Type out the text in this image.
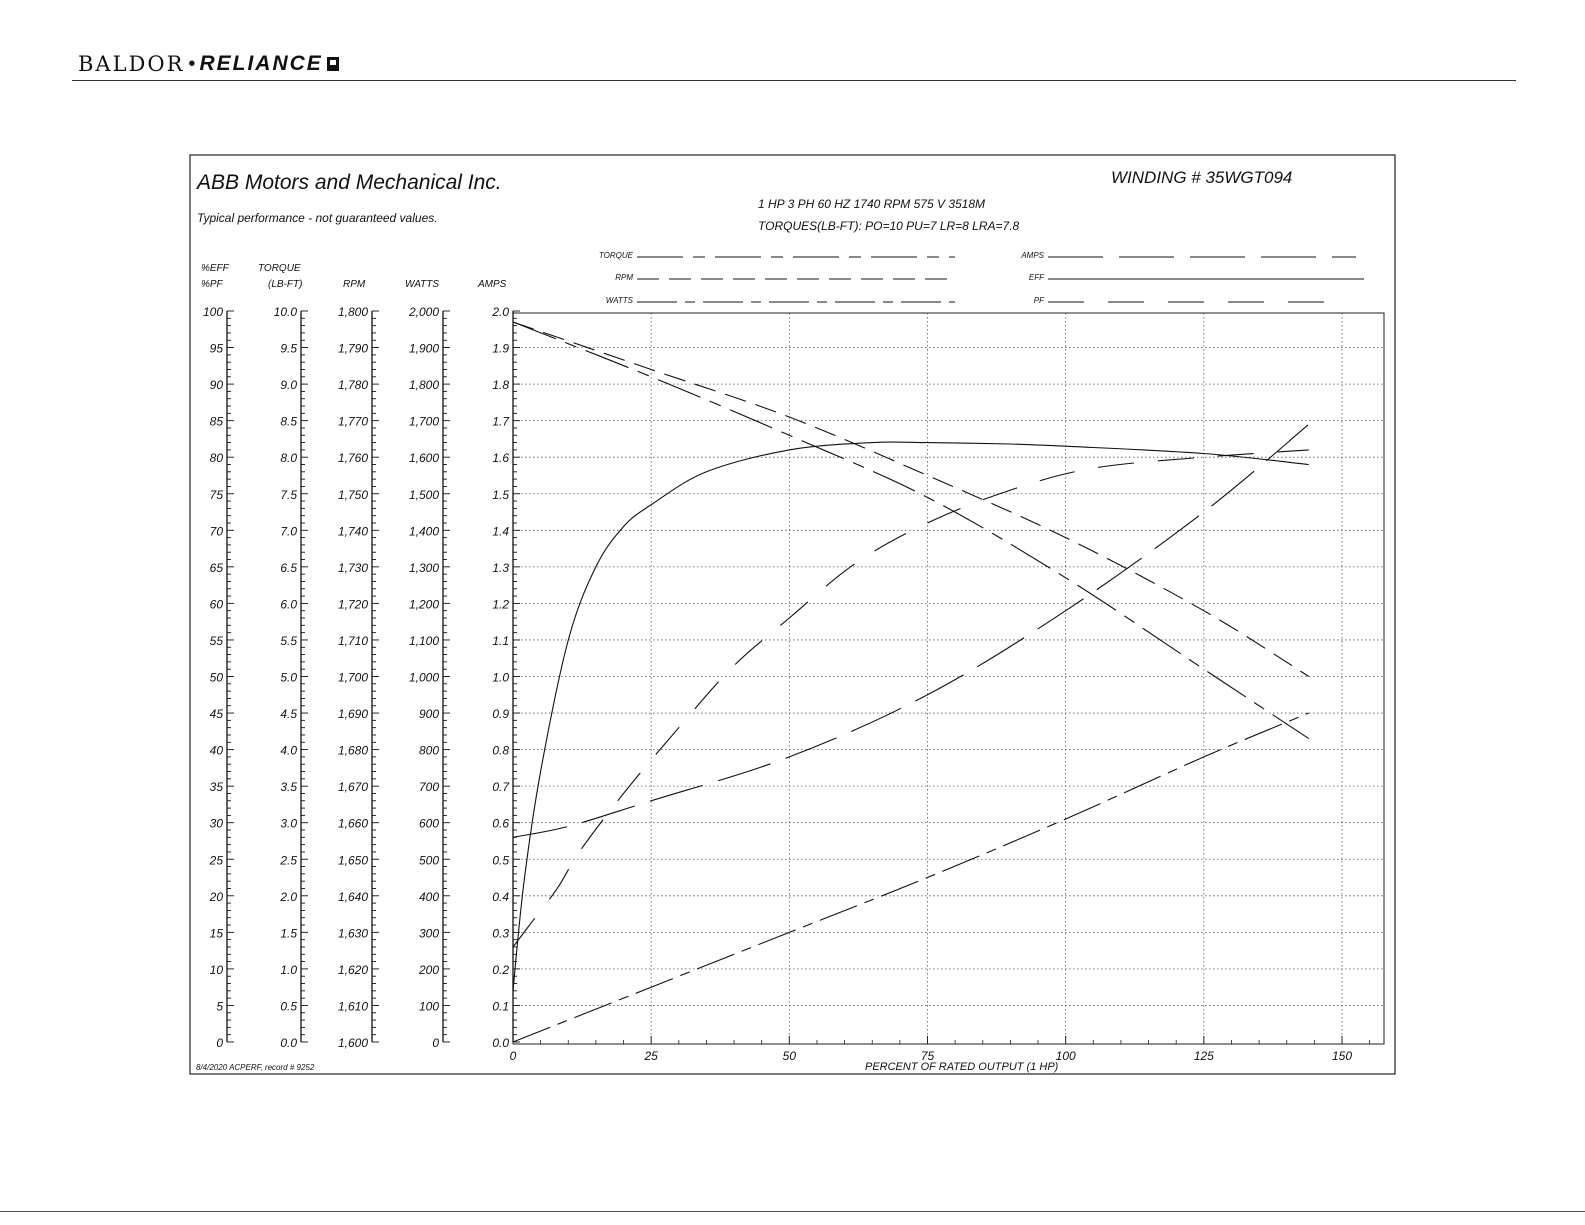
BALDOR • RELIANCE
ABB Motors and Mechanical Inc.
Typical performance - not guaranteed values.
WINDING # 35WGT094
1 HP 3 PH 60 HZ 1740 RPM 575 V 3518M
TORQUES(LB-FT): PO=10 PU=7 LR=8 LRA=7.8
8/4/2020 ACPERF, record # 9252	PERCENT OF RATED OUTPUT (1 HP)
0	25	50	75	100	125	150
100
95
90
85
80
75
70
65
60
55
50
45
40
35
30
25
20
15
10
5
0
%EFF
%PF
10.0
9.5
9.0
8.5
8.0
7.5
7.0
6.5
6.0
5.5
5.0
4.5
4.0
3.5
3.0
2.5
2.0
1.5
1.0
0.5
0.0
TORQUE
(LB-FT)
1,800
1,790
1,780
1,770
1,760
1,750
1,740
1,730
1,720
1,710
1,700
1,690
1,680
1,670
1,660
1,650
1,640
1,630
1,620
1,610
1,600
RPM
2,000
1,900
1,800
1,700
1,600
1,500
1,400
1,300
1,200
1,100
1,000
900
800
700
600
500
400
300
200
100
0
WATTS
2.0
1.9
1.8
1.7
1.6
1.5
1.4
1.3
1.2
1.1
1.0
0.9
0.8
0.7
0.6
0.5
0.4
0.3
0.2
0.1
0.0
AMPS
TORQUE
RPM
WATTS
AMPS
EFF
PF
